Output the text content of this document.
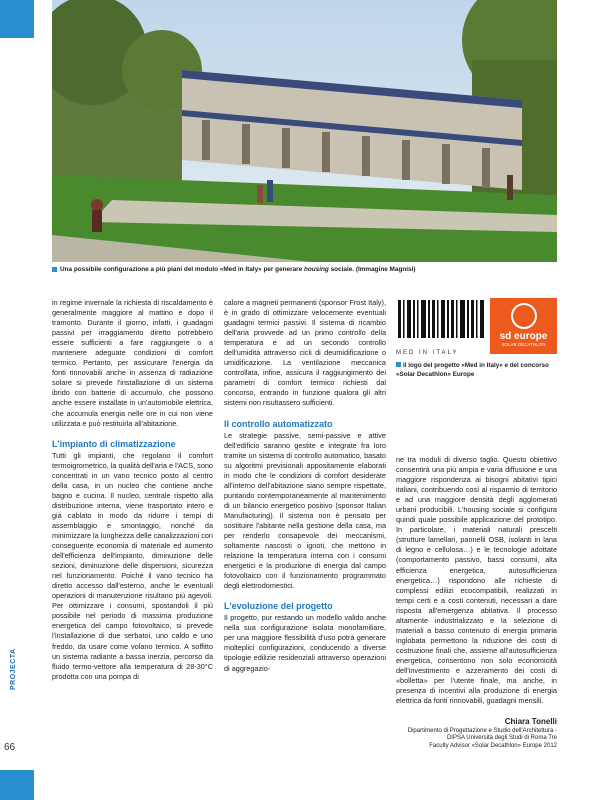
PROJECTA
66
Una possibile configurazione a più piani del modulo «Med in Italy» per generare housing sociale. (Immagine Magnisi)

in regime invernale la richiesta di riscaldamento è generalmente maggiore al mattino e dopo il tramonto. Durante il giorno, infatti, i guadagni passivi per irraggiamento diretto potrebbero essere sufficienti a fare raggiungere o a mantenere adeguate condizioni di comfort termico. Pertanto, per assicurare l'energia da fonti rinnovabili anche in assenza di radiazione solare si prevede l'installazione di un sistema ibrido con batterie di accumulo, che possono anche essere installate in un'automobile elettrica, che accumula energia nelle ore in cui non viene utilizzata e può restituirla all'abitazione.

L'impianto di climatizzazione

Tutti gli impianti, che regolano il comfort termoigrometrico, la qualità dell'aria e l'ACS, sono concentrati in un vano tecnico posto al centro della casa, in un nucleo che contiene anche bagno e cucina. Il nucleo, centrale rispetto alla distribuzione interna, viene trasportato intero e già cablato in modo da ridurre i tempi di assemblaggio e smontaggio, nonché da minimizzare la lunghezza delle canalizzazioni con conseguente economia di materiale ed aumento dell'efficienza dell'impianto, diminuzione delle sezioni, diminuzione delle dispersioni, sicurezza nel funzionamento. Poiché il vano tecnico ha diretto accesso dall'esterno, anche le eventuali operazioni di manutenzione risultano più agevoli. Per ottimizzare i consumi, spostandoli il più possibile nel periodo di massima produzione energetica del campo fotovoltaico, si prevede l'installazione di due serbatoi, uno caldo e uno freddo, da usare come volano termico. A soffitto un sistema radiante a bassa inerzia, percorso da fluido termo-vettore alla temperatura di 28-30°C prodotta con una pompa di

calore a magneti permanenti (sponsor Frost Italy), è in grado di ottimizzare velocemente eventuali guadagni termici passivi. Il sistema di ricambio dell'aria provvede ad un primo controllo della temperatura e ad un secondo controllo dell'umidità attraverso cicli di deumidificazione o umidificazione. La ventilazione meccanica controllata, infine, assicura il raggiungimento dei parametri di comfort termico richiesti dal concorso, entrando in funzione qualora gli altri sistemi non risultassero sufficienti.

Il controllo automatizzato

Le strategie passive, semi-passive e attive dell'edificio saranno gestite e integrate fra loro tramite un sistema di controllo automatico, basato su algoritmi previsionali appositamente elaborati in modo che le condizioni di comfort desiderate all'interno dell'abitazione siano sempre rispettate, puntando contemporaneamente al mantenimento di un bilancio energetico positivo (sponsor Italian Manufacturing). Il sistema non è pensato per sostituire l'abitante nella gestione della casa, ma per renderlo consapevole dei meccanismi, soltamente nascosti o ignoti, che mettono in relazione la temperatura interna con i consumi energetici e la produzione di energia dal campo fotovoltaico con il funzionamento programmato degli elettrodomestici.

L'evoluzione del progetto

Il progetto, pur restando un modello valido anche nella sua configurazione isolata monofamiliare, per una maggiore flessibilità d'uso potrà generare molteplici configurazioni, conducendo a diverse tipologie edilizie residenziali attraverso operazioni di aggregazio-

MED IN ITALY
sd europe
SOLAR DECATHLON
Il logo del progetto «Med in Italy» e del concorso «Solar Decathlon» Europe

ne tra moduli di diverso taglio. Questo obiettivo consentirà una più ampia e varia diffusione e una maggiore rispondenza ai bisogni abitativi tipici italiani, contribuendo così al risparmio di territorio e ad una maggiore densità degli agglomerati urbani producibili. L'housing sociale si configura quindi quale possibile applicazione del prototipo. In particolare, i materiali naturali prescelti (strutture lamellari, pannelli OSB, isolanti in lana di legno e cellulosa…) e le tecnologie adottate (comportamento passivo, bassi consumi, alta efficienza energetica, autosufficienza energetica…) rispondono alle richieste di complessi edilizi ecocompatibili, realizzati in tempi certi e a costi contenuti, necessari a dare risposta all'emergenza abitativa. Il processo altamente industrializzato e la selezione di materiali a basso contenuto di energia primaria inglobata permettono la riduzione dei costi di costruzione finali che, assieme all'autosufficienza energetica, consentono non solo economicità dell'investimento e azzeramento dei costi di «bolletta» per l'utente finale, ma anche, in presenza di incentivi alla produzione di energia elettrica da fonti rinnovabili, guadagni mensili.

Chiara Tonelli
Dipartimento di Progettazione e Studio dell'Architettura -
DIPSA Università degli Studi di Roma Tre
Faculty Advisor «Solar Decathlon» Europe 2012
